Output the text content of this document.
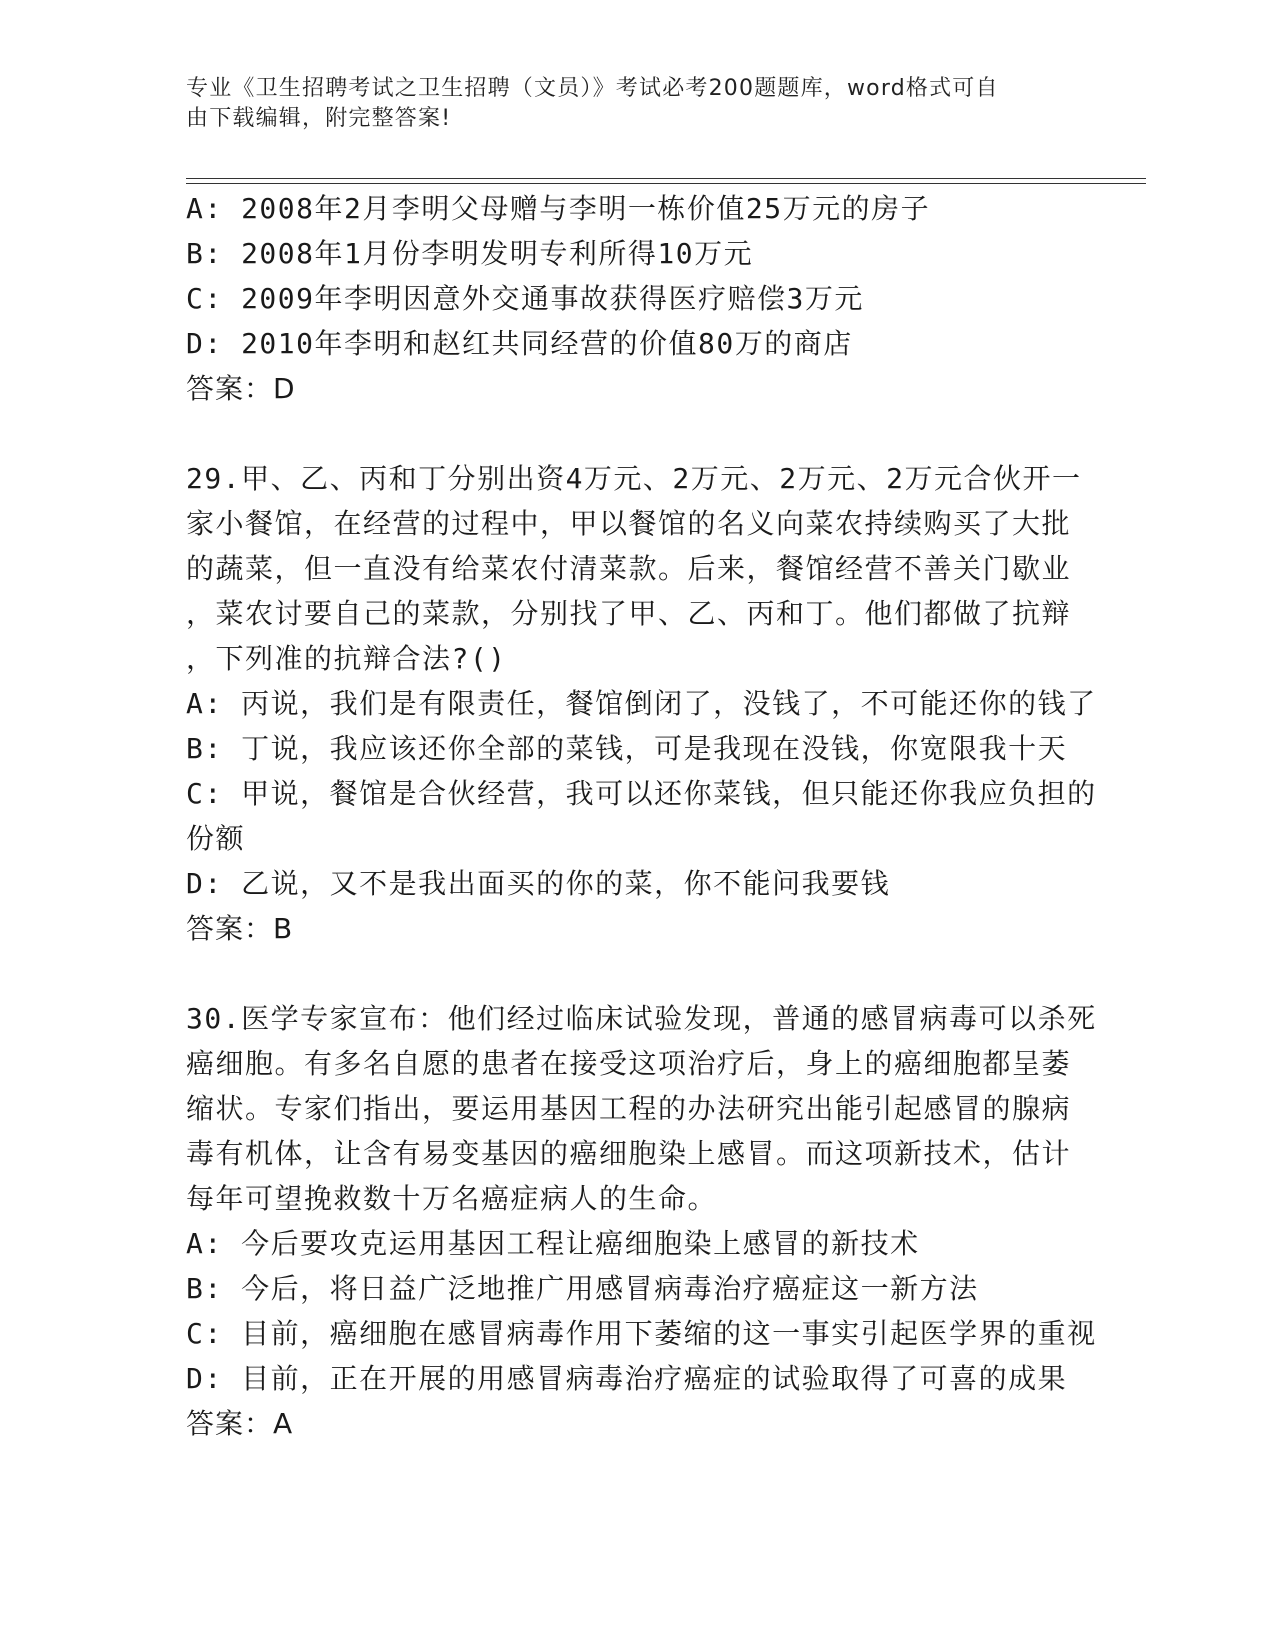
专业《卫生招聘考试之卫生招聘（文员）》考试必考200题题库，word格式可自
由下载编辑，附完整答案!
A: 2008年2月李明父母赠与李明一栋价值25万元的房子
B: 2008年1月份李明发明专利所得10万元
C: 2009年李明因意外交通事故获得医疗赔偿3万元
D: 2010年李明和赵红共同经营的价值80万的商店
答案：D
29.甲、乙、丙和丁分别出资4万元、2万元、2万元、2万元合伙开一
家小餐馆，在经营的过程中，甲以餐馆的名义向菜农持续购买了大批
的蔬菜，但一直没有给菜农付清菜款。后来，餐馆经营不善关门歇业
，菜农讨要自己的菜款，分别找了甲、乙、丙和丁。他们都做了抗辩
，下列准的抗辩合法?()
A: 丙说，我们是有限责任，餐馆倒闭了，没钱了，不可能还你的钱了
B: 丁说，我应该还你全部的菜钱，可是我现在没钱，你宽限我十天
C: 甲说，餐馆是合伙经营，我可以还你菜钱，但只能还你我应负担的
份额
D: 乙说，又不是我出面买的你的菜，你不能问我要钱
答案：B
30.医学专家宣布：他们经过临床试验发现，普通的感冒病毒可以杀死
癌细胞。有多名自愿的患者在接受这项治疗后，身上的癌细胞都呈萎
缩状。专家们指出，要运用基因工程的办法研究出能引起感冒的腺病
毒有机体，让含有易变基因的癌细胞染上感冒。而这项新技术，估计
每年可望挽救数十万名癌症病人的生命。
A: 今后要攻克运用基因工程让癌细胞染上感冒的新技术
B: 今后，将日益广泛地推广用感冒病毒治疗癌症这一新方法
C: 目前，癌细胞在感冒病毒作用下萎缩的这一事实引起医学界的重视
D: 目前，正在开展的用感冒病毒治疗癌症的试验取得了可喜的成果
答案：A
